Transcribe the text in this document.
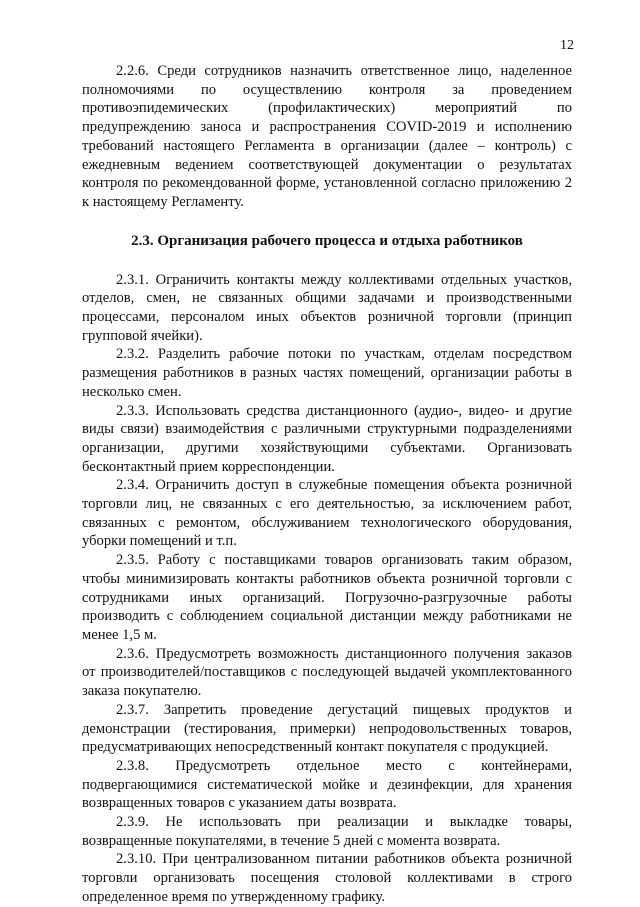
12

2.2.6. Среди сотрудников назначить ответственное лицо, наделенное полномочиями по осуществлению контроля за проведением противоэпидемических (профилактических) мероприятий по предупреждению заноса и распространения COVID-2019 и исполнению требований настоящего Регламента в организации (далее – контроль) с ежедневным ведением соответствующей документации о результатах контроля по рекомендованной форме, установленной согласно приложению 2 к настоящему Регламенту.

2.3. Организация рабочего процесса и отдыха работников

2.3.1. Ограничить контакты между коллективами отдельных участков, отделов, смен, не связанных общими задачами и производственными процессами, персоналом иных объектов розничной торговли (принцип групповой ячейки).

2.3.2. Разделить рабочие потоки по участкам, отделам посредством размещения работников в разных частях помещений, организации работы в несколько смен.

2.3.3. Использовать средства дистанционного (аудио-, видео- и другие виды связи) взаимодействия с различными структурными подразделениями организации, другими хозяйствующими субъектами. Организовать бесконтактный прием корреспонденции.

2.3.4. Ограничить доступ в служебные помещения объекта розничной торговли лиц, не связанных с его деятельностью, за исключением работ, связанных с ремонтом, обслуживанием технологического оборудования, уборки помещений и т.п.

2.3.5. Работу с поставщиками товаров организовать таким образом, чтобы минимизировать контакты работников объекта розничной торговли с сотрудниками иных организаций. Погрузочно-разгрузочные работы производить с соблюдением социальной дистанции между работниками не менее 1,5 м.

2.3.6. Предусмотреть возможность дистанционного получения заказов от производителей/поставщиков с последующей выдачей укомплектованного заказа покупателю.

2.3.7. Запретить проведение дегустаций пищевых продуктов и демонстрации (тестирования, примерки) непродовольственных товаров, предусматривающих непосредственный контакт покупателя с продукцией.

2.3.8. Предусмотреть отдельное место с контейнерами, подвергающимися систематической мойке и дезинфекции, для хранения возвращенных товаров с указанием даты возврата.

2.3.9. Не использовать при реализации и выкладке товары, возвращенные покупателями, в течение 5 дней с момента возврата.

2.3.10. При централизованном питании работников объекта розничной торговли организовать посещения столовой коллективами в строго определенное время по утвержденному графику.
